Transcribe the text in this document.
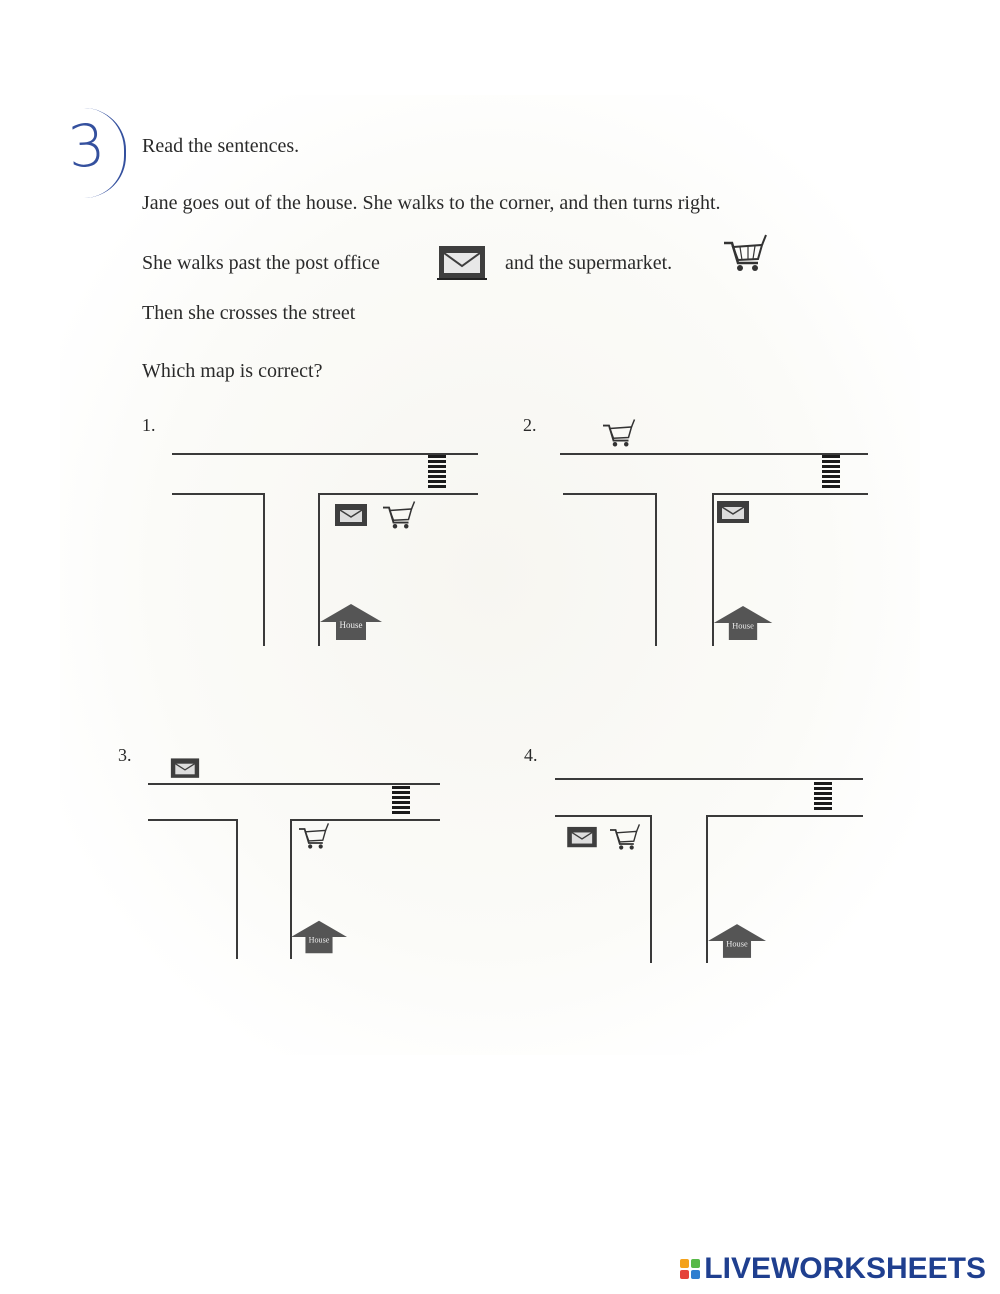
3 Read the sentences.
Jane goes out of the house. She walks to the corner, and then turns right.
She walks past the post office	and the supermarket.
Then she crosses the street
Which map is correct?
1.
House
2.
House
3.
House
4.
House
LIVEWORKSHEETS
